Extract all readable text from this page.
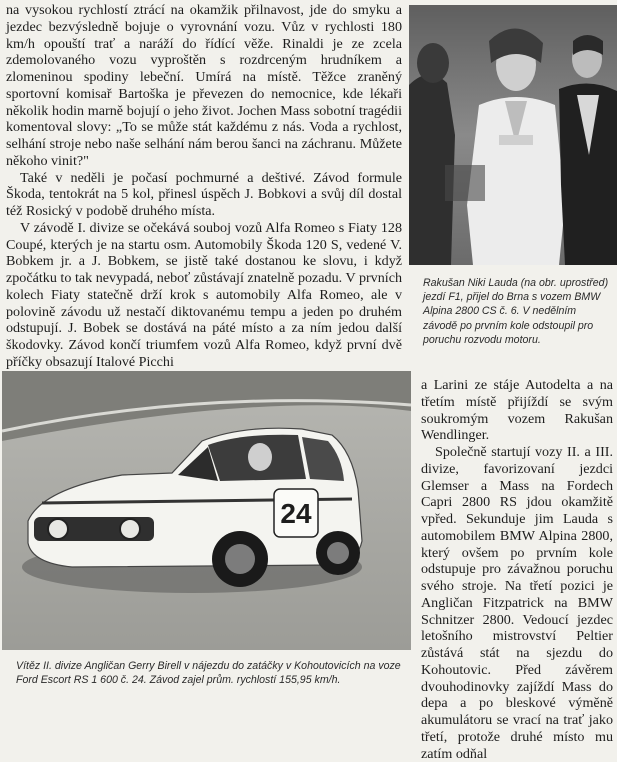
na vysokou rychlostí ztrácí na okamžik přilnavost, jde do smyku a jezdec bezvýsledně bojuje o vyrovnání vozu. Vůz v rychlosti 180 km/h opouští trať a naráží do řídící věže. Rinaldi je ze zcela zdemolovaného vozu vyproštěn s rozdrceným hrudníkem a zlomeninou spodiny lebeční. Umírá na místě. Těžce zraněný sportovní komisař Bartoška je převezen do nemocnice, kde lékaři několik hodin marně bojují o jeho život. Jochen Mass sobotní tragédii komentoval slovy: „To se může stát každému z nás. Voda a rychlost, selhání stroje nebo naše selhání nám berou šanci na záchranu. Můžete někoho vinit?"

Také v neděli je počasí pochmurné a deštivé. Závod formule Škoda, tentokrát na 5 kol, přinesl úspěch J. Bobkovi a svůj díl dostal též Rosický v podobě druhého místa.

V závodě I. divize se očekává souboj vozů Alfa Romeo s Fiaty 128 Coupé, kterých je na startu osm. Automobily Škoda 120 S, vedené V. Bobkem jr. a J. Bobkem, se jistě také dostanou ke slovu, i když zpočátku to tak nevypadá, neboť zůstávají znatelně pozadu. V prvních kolech Fiaty statečně drží krok s automobily Alfa Romeo, ale v polovině závodu už nestačí diktovanému tempu a jeden po druhém odstupují. J. Bobek se dostává na páté místo a za ním jedou další škodovky. Závod končí triumfem vozů Alfa Romeo, když první dvě příčky obsazují Italové Picchi

Rakušan Niki Lauda (na obr. uprostřed) jezdí F1, přijel do Brna s vozem BMW Alpina 2800 CS č. 6. V nedělním závodě po prvním kole odstoupil pro poruchu rozvodu motoru.
24
Vítěz II. divize Angličan Gerry Birell v nájezdu do zatáčky v Kohoutovicích na voze Ford Escort RS 1 600 č. 24. Závod zajel prům. rychlostí 155,95 km/h.

a Larini ze stáje Autodelta a na třetím místě přijíždí se svým soukromým vozem Rakušan Wendlinger.

Společně startují vozy II. a III. divize, favorizovaní jezdci Glemser a Mass na Fordech Capri 2800 RS jdou okamžitě vpřed. Sekunduje jim Lauda s automobilem BMW Alpina 2800, který ovšem po prvním kole odstupuje pro závažnou poruchu svého stroje. Na třetí pozici je Angličan Fitzpatrick na BMW Schnitzer 2800. Vedoucí jezdec letošního mistrovství Peltier zůstává stát na sjezdu do Kohoutovic. Před závěrem dvouhodinovky zajíždí Mass do depa a po bleskové výměně akumulátoru se vrací na trať jako třetí, protože druhé místo mu zatím odňal
